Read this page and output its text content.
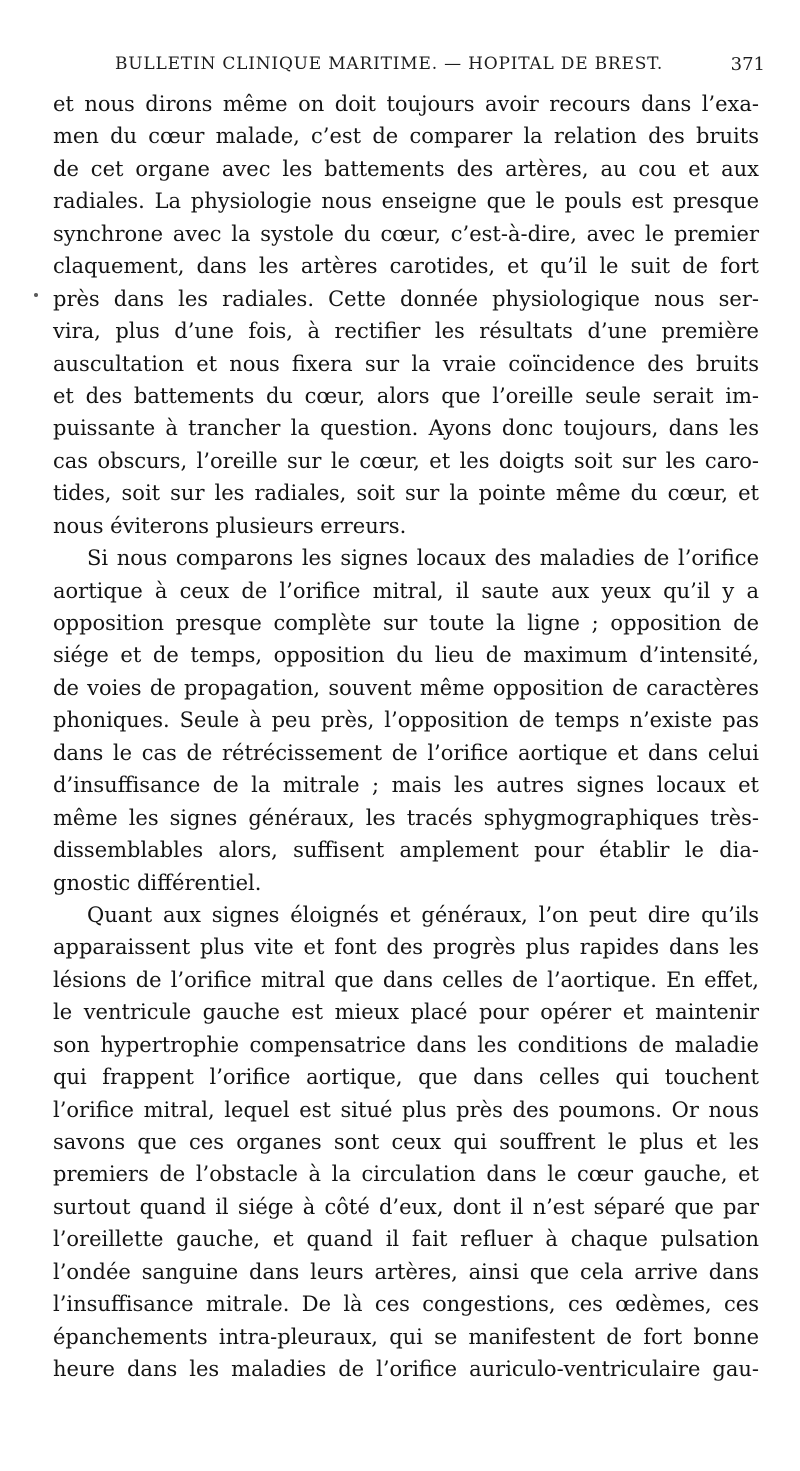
BULLETIN CLINIQUE MARITIME. — HOPITAL DE BREST.	371
et nous dirons même on doit toujours avoir recours dans l’exa-
men du cœur malade, c’est de comparer la relation des bruits
de cet organe avec les battements des artères, au cou et aux
radiales. La physiologie nous enseigne que le pouls est presque
synchrone avec la systole du cœur, c’est-à-dire, avec le premier
claquement, dans les artères carotides, et qu’il le suit de fort
près dans les radiales. Cette donnée physiologique nous ser-
vira, plus d’une fois, à rectifier les résultats d’une première
auscultation et nous fixera sur la vraie coïncidence des bruits
et des battements du cœur, alors que l’oreille seule serait im-
puissante à trancher la question. Ayons donc toujours, dans les
cas obscurs, l’oreille sur le cœur, et les doigts soit sur les caro-
tides, soit sur les radiales, soit sur la pointe même du cœur, et
nous éviterons plusieurs erreurs.
Si nous comparons les signes locaux des maladies de l’orifice
aortique à ceux de l’orifice mitral, il saute aux yeux qu’il y a
opposition presque complète sur toute la ligne ; opposition de
siége et de temps, opposition du lieu de maximum d’intensité,
de voies de propagation, souvent même opposition de caractères
phoniques. Seule à peu près, l’opposition de temps n’existe pas
dans le cas de rétrécissement de l’orifice aortique et dans celui
d’insuffisance de la mitrale ; mais les autres signes locaux et
même les signes généraux, les tracés sphygmographiques très-
dissemblables alors, suffisent amplement pour établir le dia-
gnostic différentiel.
Quant aux signes éloignés et généraux, l’on peut dire qu’ils
apparaissent plus vite et font des progrès plus rapides dans les
lésions de l’orifice mitral que dans celles de l’aortique. En effet,
le ventricule gauche est mieux placé pour opérer et maintenir
son hypertrophie compensatrice dans les conditions de maladie
qui frappent l’orifice aortique, que dans celles qui touchent
l’orifice mitral, lequel est situé plus près des poumons. Or nous
savons que ces organes sont ceux qui souffrent le plus et les
premiers de l’obstacle à la circulation dans le cœur gauche, et
surtout quand il siége à côté d’eux, dont il n’est séparé que par
l’oreillette gauche, et quand il fait refluer à chaque pulsation
l’ondée sanguine dans leurs artères, ainsi que cela arrive dans
l’insuffisance mitrale. De là ces congestions, ces œdèmes, ces
épanchements intra-pleuraux, qui se manifestent de fort bonne
heure dans les maladies de l’orifice auriculo-ventriculaire gau-
